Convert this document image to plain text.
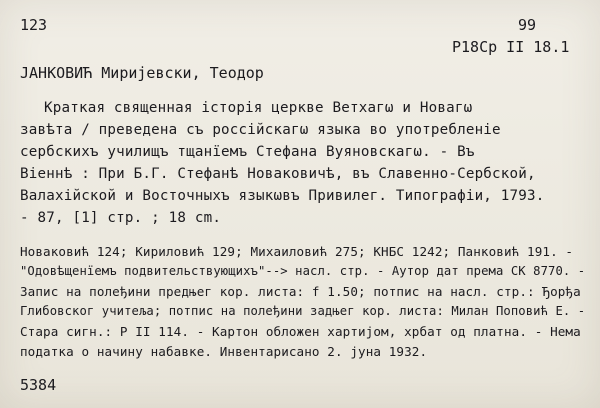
123	99
P18Cp II 18.1
JАНКОВИЋ Миријевски, Теодор
Краткая священная історія церкве Ветхагω и Новагω
завѣта / преведена съ россійскагω языка во употребленіе
сербскихъ училищъ тщанїемъ Стефана Вуяновскагω. - Въ
Віеннѣ : При Б.Г. Стефанѣ Новаковичѣ, въ Славенно-Сербской,
Валахійской и Восточныхъ языкωвъ Привилег. Типографіи, 1793.
- 87, [1] стр. ; 18 cm.
Новаковић 124; Кириловић 129; Михаиловић 275; КНБС 1242; Панковић 191. -
"Одовѣщенїемъ подвительствующихъ"--> насл. стр. - Аутор дат према СК 8770. -
Запис на полеђини предњег кор. листа: f 1.50; потпис на насл. стр.: Ђорђа
Глибовског учитеља; потпис на полеђини задњег кор. листа: Милан Поповић Е. -
Стара сигн.: P II 114. - Картон обложен хартијом, хрбат од платна. - Нема
податка о начину набавке. Инвентарисано 2. јуна 1932.
5384
